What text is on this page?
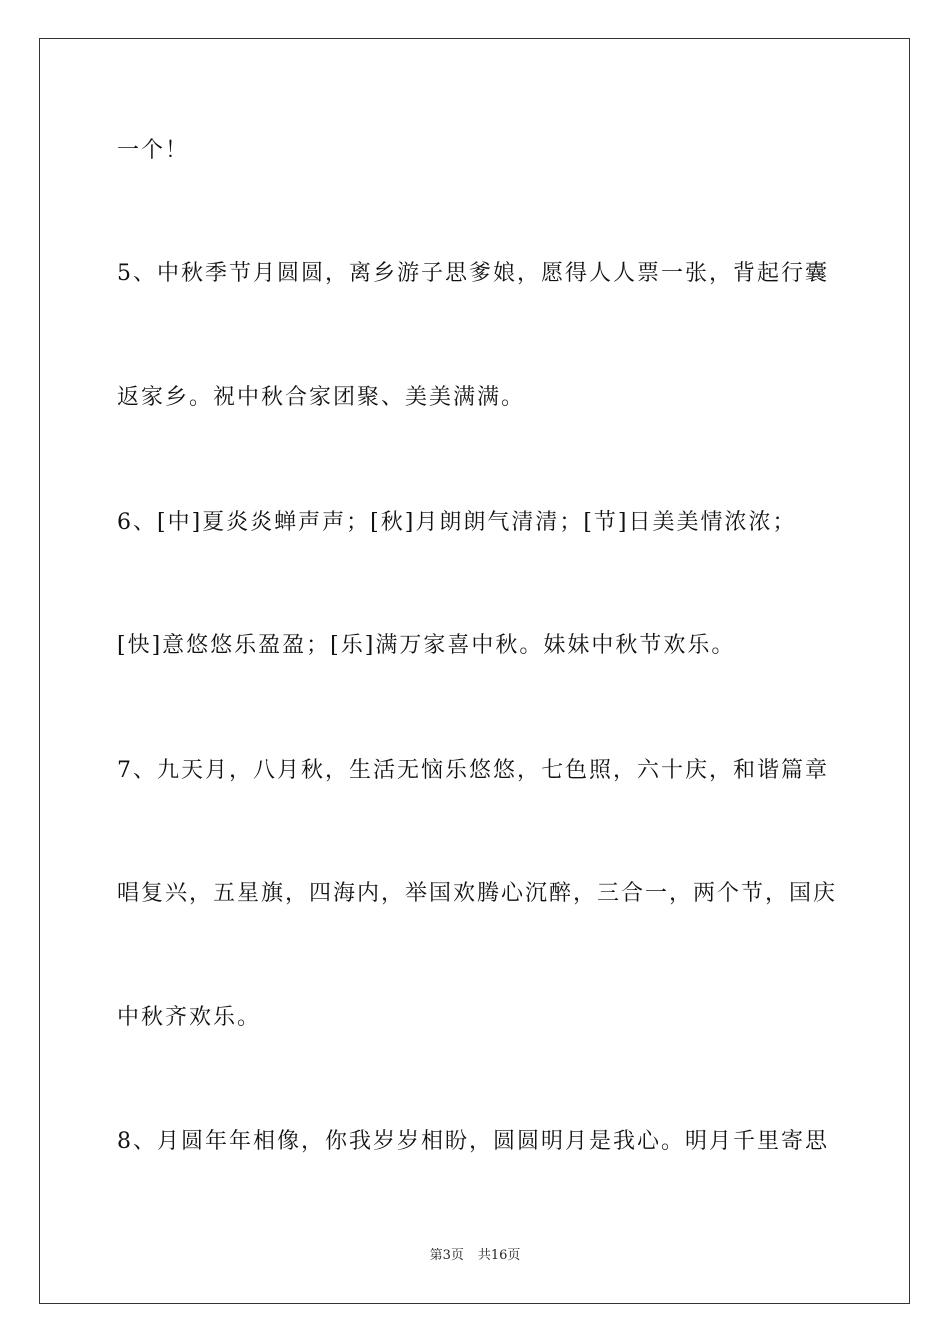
一个！
5、中秋季节月圆圆，离乡游子思爹娘，愿得人人票一张，背起行囊
返家乡。祝中秋合家团聚、美美满满。
6、[中]夏炎炎蝉声声；[秋]月朗朗气清清；[节]日美美情浓浓；
[快]意悠悠乐盈盈；[乐]满万家喜中秋。妹妹中秋节欢乐。
7、九天月，八月秋，生活无恼乐悠悠，七色照，六十庆，和谐篇章
唱复兴，五星旗，四海内，举国欢腾心沉醉，三合一，两个节，国庆
中秋齐欢乐。
8、月圆年年相像，你我岁岁相盼，圆圆明月是我心。明月千里寄思
第3页 共16页
